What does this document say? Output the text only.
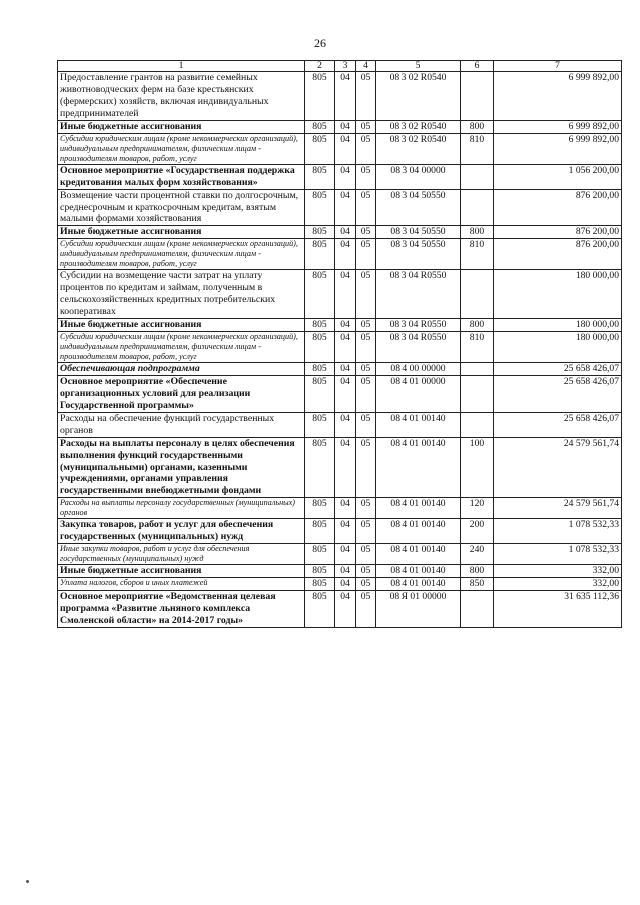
26
1	2	3	4	5	6	7
Предоставление грантов на развитие семейных животноводческих ферм на базе крестьянских (фермерских) хозяйств, включая индивидуальных предпринимателей	805	04	05	08 3 02 R0540		6 999 892,00
Иные бюджетные ассигнования	805	04	05	08 3 02 R0540	800	6 999 892,00
Субсидии юридическим лицам (кроме некоммерческих организаций), индивидуальным предпринимателям, физическим лицам - производителям товаров, работ, услуг	805	04	05	08 3 02 R0540	810	6 999 892,00
Основное мероприятие «Государственная поддержка кредитования малых форм хозяйствования»	805	04	05	08 3 04 00000		1 056 200,00
Возмещение части процентной ставки по долгосрочным, среднесрочным и краткосрочным кредитам, взятым малыми формами хозяйствования	805	04	05	08 3 04 50550		876 200,00
Иные бюджетные ассигнования	805	04	05	08 3 04 50550	800	876 200,00
Субсидии юридическим лицам (кроме некоммерческих организаций), индивидуальным предпринимателям, физическим лицам - производителям товаров, работ, услуг	805	04	05	08 3 04 50550	810	876 200,00
Субсидии на возмещение части затрат на уплату процентов по кредитам и займам, полученным в сельскохозяйственных кредитных потребительских кооперативах	805	04	05	08 3 04 R0550		180 000,00
Иные бюджетные ассигнования	805	04	05	08 3 04 R0550	800	180 000,00
Субсидии юридическим лицам (кроме некоммерческих организаций), индивидуальным предпринимателям, физическим лицам - производителям товаров, работ, услуг	805	04	05	08 3 04 R0550	810	180 000,00
Обеспечивающая подпрограмма	805	04	05	08 4 00 00000		25 658 426,07
Основное мероприятие «Обеспечение организационных условий для реализации Государственной программы»	805	04	05	08 4 01 00000		25 658 426,07
Расходы на обеспечение функций государственных органов	805	04	05	08 4 01 00140		25 658 426,07
Расходы на выплаты персоналу в целях обеспечения выполнения функций государственными (муниципальными) органами, казенными учреждениями, органами управления государственными внебюджетными фондами	805	04	05	08 4 01 00140	100	24 579 561,74
Расходы на выплаты персоналу государственных (муниципальных) органов	805	04	05	08 4 01 00140	120	24 579 561,74
Закупка товаров, работ и услуг для обеспечения государственных (муниципальных) нужд	805	04	05	08 4 01 00140	200	1 078 532,33
Иные закупки товаров, работ и услуг для обеспечения государственных (муниципальных) нужд	805	04	05	08 4 01 00140	240	1 078 532,33
Иные бюджетные ассигнования	805	04	05	08 4 01 00140	800	332,00
Уплата налогов, сборов и иных платежей	805	04	05	08 4 01 00140	850	332,00
Основное мероприятие «Ведомственная целевая программа «Развитие льняного комплекса Смоленской области» на 2014-2017 годы»	805	04	05	08 Я 01 00000		31 635 112,36
